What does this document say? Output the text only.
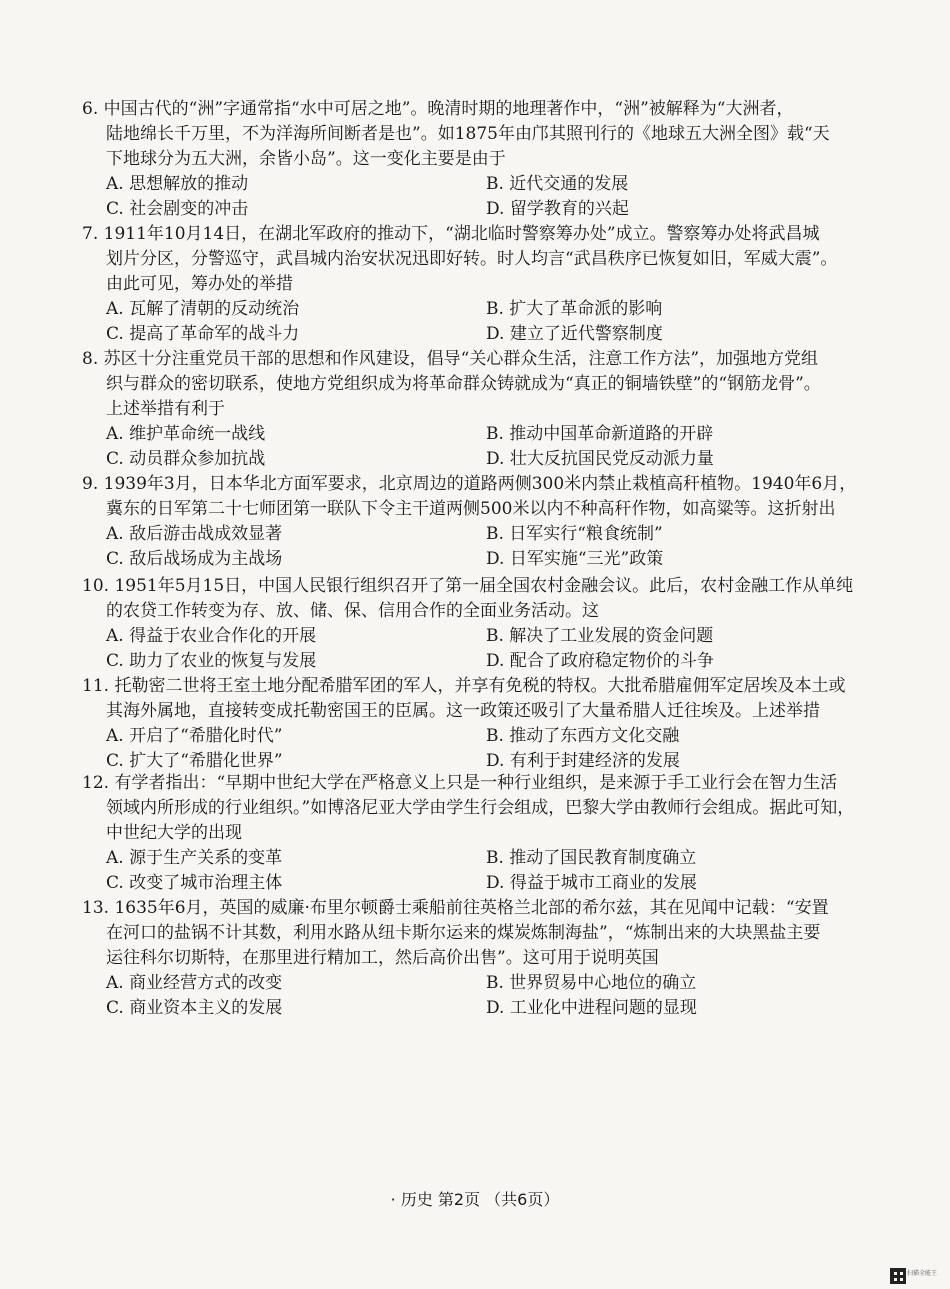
6. 中国古代的“洲”字通常指“水中可居之地”。晚清时期的地理著作中，“洲”被解释为“大洲者，
陆地绵长千万里，不为洋海所间断者是也”。如1875年由邝其照刊行的《地球五大洲全图》载“天
下地球分为五大洲，余皆小岛”。这一变化主要是由于
A. 思想解放的推动	B. 近代交通的发展
C. 社会剧变的冲击	D. 留学教育的兴起
7. 1911年10月14日，在湖北军政府的推动下，“湖北临时警察筹办处”成立。警察筹办处将武昌城
划片分区，分警巡守，武昌城内治安状况迅即好转。时人均言“武昌秩序已恢复如旧，军威大震”。
由此可见，筹办处的举措
A. 瓦解了清朝的反动统治	B. 扩大了革命派的影响
C. 提高了革命军的战斗力	D. 建立了近代警察制度
8. 苏区十分注重党员干部的思想和作风建设，倡导“关心群众生活，注意工作方法”，加强地方党组
织与群众的密切联系，使地方党组织成为将革命群众铸就成为“真正的铜墙铁壁”的“钢筋龙骨”。
上述举措有利于
A. 维护革命统一战线	B. 推动中国革命新道路的开辟
C. 动员群众参加抗战	D. 壮大反抗国民党反动派力量
9. 1939年3月，日本华北方面军要求，北京周边的道路两侧300米内禁止栽植高秆植物。1940年6月，
冀东的日军第二十七师团第一联队下令主干道两侧500米以内不种高秆作物，如高粱等。这折射出
A. 敌后游击战成效显著	B. 日军实行“粮食统制”
C. 敌后战场成为主战场	D. 日军实施“三光”政策
10. 1951年5月15日，中国人民银行组织召开了第一届全国农村金融会议。此后，农村金融工作从单纯
的农贷工作转变为存、放、储、保、信用合作的全面业务活动。这
A. 得益于农业合作化的开展	B. 解决了工业发展的资金问题
C. 助力了农业的恢复与发展	D. 配合了政府稳定物价的斗争
11. 托勒密二世将王室土地分配希腊军团的军人，并享有免税的特权。大批希腊雇佣军定居埃及本土或
其海外属地，直接转变成托勒密国王的臣属。这一政策还吸引了大量希腊人迁往埃及。上述举措
A. 开启了“希腊化时代”	B. 推动了东西方文化交融
C. 扩大了“希腊化世界”	D. 有利于封建经济的发展
12. 有学者指出：“早期中世纪大学在严格意义上只是一种行业组织，是来源于手工业行会在智力生活
领域内所形成的行业组织。”如博洛尼亚大学由学生行会组成，巴黎大学由教师行会组成。据此可知，
中世纪大学的出现
A. 源于生产关系的变革	B. 推动了国民教育制度确立
C. 改变了城市治理主体	D. 得益于城市工商业的发展
13. 1635年6月，英国的威廉·布里尔顿爵士乘船前往英格兰北部的希尔兹，其在见闻中记载：“安置
在河口的盐锅不计其数，利用水路从纽卡斯尔运来的煤炭炼制海盐”，“炼制出来的大块黑盐主要
运往科尔切斯特，在那里进行精加工，然后高价出售”。这可用于说明英国
A. 商业经营方式的改变	B. 世界贸易中心地位的确立
C. 商业资本主义的发展	D. 工业化中进程问题的显现
· 历史 第2页 （共6页）
扫描全能王
